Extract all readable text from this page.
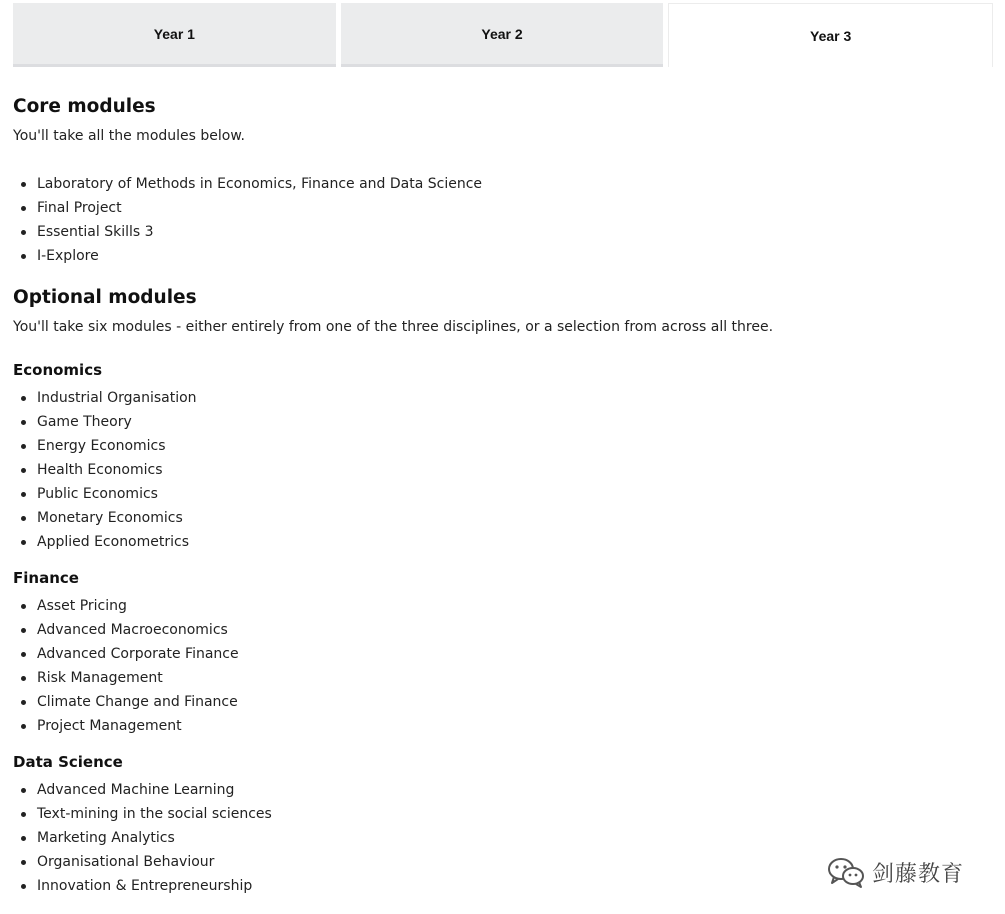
Year 1	Year 2	Year 3
Core modules

You'll take all the modules below.

Laboratory of Methods in Economics, Finance and Data Science
Final Project
Essential Skills 3
I-Explore
Optional modules

You'll take six modules - either entirely from one of the three disciplines, or a selection from across all three.

Economics
Industrial Organisation
Game Theory
Energy Economics
Health Economics
Public Economics
Monetary Economics
Applied Econometrics
Finance
Asset Pricing
Advanced Macroeconomics
Advanced Corporate Finance
Risk Management
Climate Change and Finance
Project Management
Data Science
Advanced Machine Learning
Text-mining in the social sciences
Marketing Analytics
Organisational Behaviour
Innovation & Entrepreneurship	剑藤教育
